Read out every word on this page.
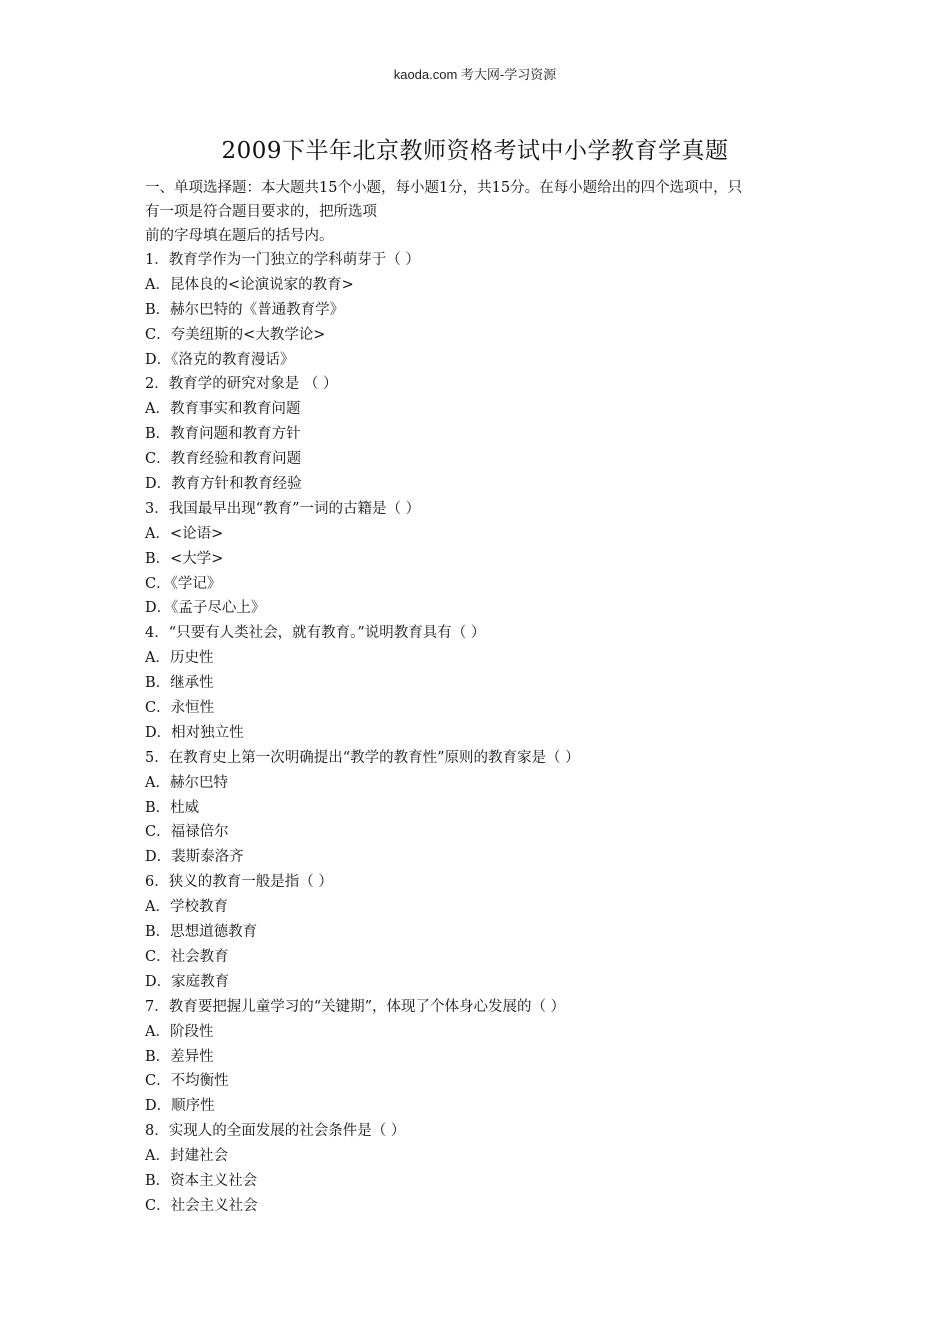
kaoda.com 考大网-学习资源
2009下半年北京教师资格考试中小学教育学真题

一、单项选择题：本大题共15个小题，每小题1分，共15分。在每小题给出的四个选项中，只
有一项是符合题目要求的，把所选项
前的字母填在题后的括号内。

1．教育学作为一门独立的学科萌芽于（ ）
A．昆体良的<论演说家的教育>
B．赫尔巴特的《普通教育学》
C．夸美纽斯的<大教学论>
D．《洛克的教育漫话》
2．教育学的研究对象是 （ ）
A．教育事实和教育问题
B．教育问题和教育方针
C．教育经验和教育问题
D．教育方针和教育经验
3．我国最早出现“教育”一词的古籍是（ ）
A．<论语>
B．<大学>
C．《学记》
D．《孟子尽心上》
4．“只要有人类社会，就有教育。”说明教育具有（ ）
A．历史性
B．继承性
C．永恒性
D．相对独立性
5．在教育史上第一次明确提出“教学的教育性”原则的教育家是（ ）
A．赫尔巴特
B．杜威
C．福禄倍尔
D．裴斯泰洛齐
6．狭义的教育一般是指（ ）
A．学校教育
B．思想道德教育
C．社会教育
D．家庭教育
7．教育要把握儿童学习的“关键期”，体现了个体身心发展的（ ）
A．阶段性
B．差异性
C．不均衡性
D．顺序性
8．实现人的全面发展的社会条件是（ ）
A．封建社会
B．资本主义社会
C．社会主义社会
